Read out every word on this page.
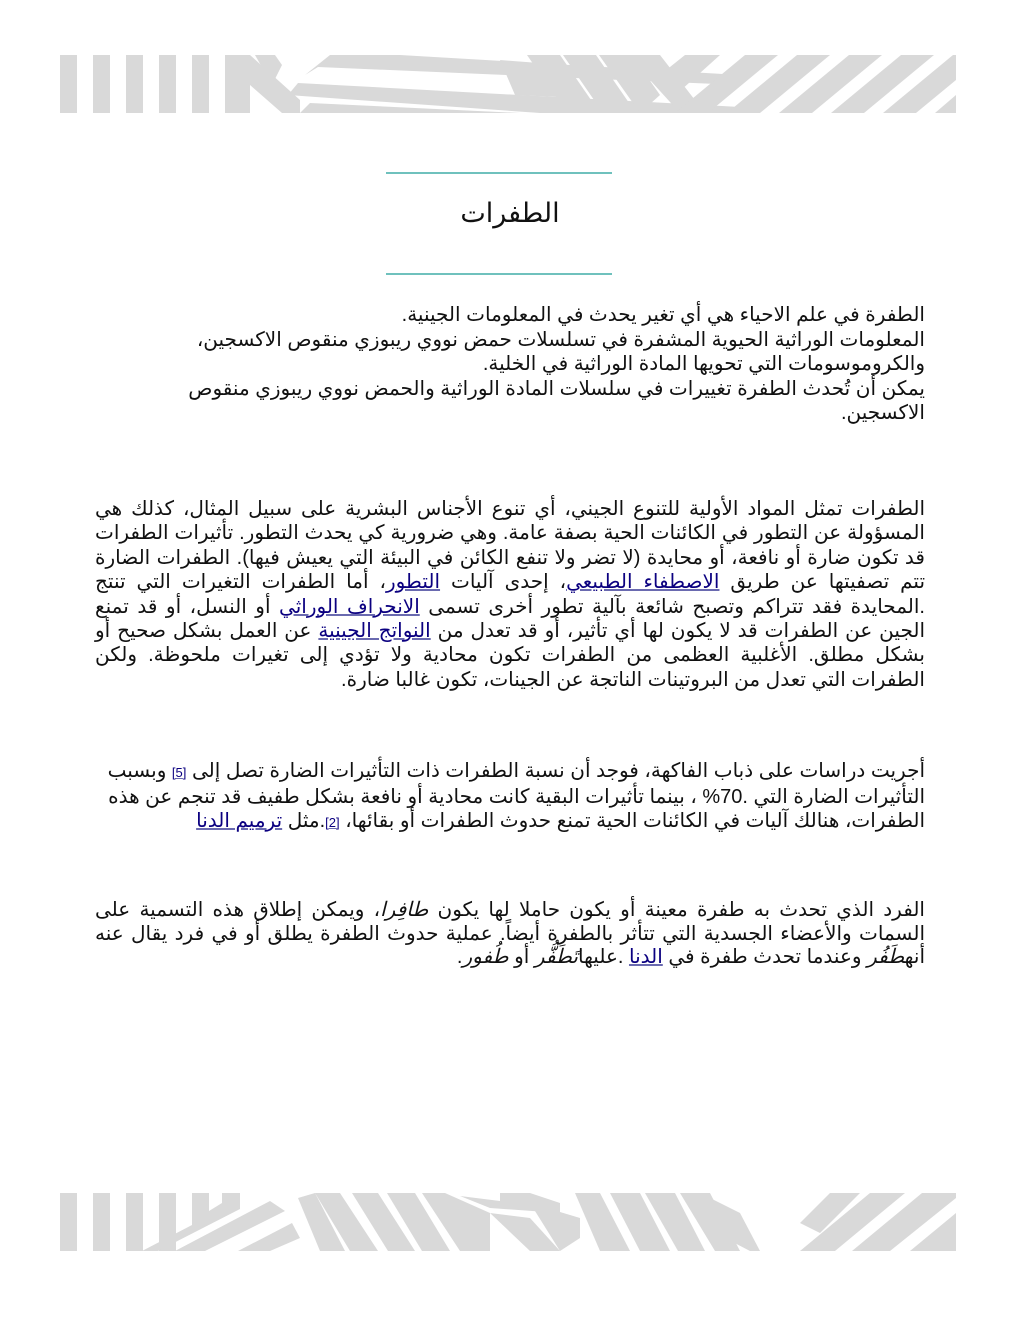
الطفرات

الطفرة في علم الاحياء هي أي تغير يحدث في المعلومات الجينية.

المعلومات الوراثية الحيوية المشفرة في تسلسلات حمض نووي ريبوزي منقوص الاكسجين،

والكروموسومات التي تحويها المادة الوراثية في الخلية.

يمكن أن تُحدث الطفرة تغييرات في سلسلات المادة الوراثية والحمض نووي ريبوزي منقوص الاكسجين.

الطفرات تمثل المواد الأولية للتنوع الجيني، أي تنوع الأجناس البشرية على سبيل المثال، كذلك هي المسؤولة عن التطور في الكائنات الحية بصفة عامة. وهي ضرورية كي يحدث التطور. تأثيرات الطفرات قد تكون ضارة أو نافعة، أو محايدة (لا تضر ولا تنفع الكائن في البيئة التي يعيش فيها). الطفرات الضارة تتم تصفيتها عن طريق الاصطفاء الطبيعي، إحدى آليات التطور، أما الطفرات التغيرات التي تنتج .المحايدة فقد تتراكم وتصبح شائعة بآلية تطور أخرى تسمى الانحراف الوراثي أو النسل، أو قد تمنع الجين عن الطفرات قد لا يكون لها أي تأثير، أو قد تعدل من النواتج الجينية عن العمل بشكل صحيح أو بشكل مطلق. الأغلبية العظمى من الطفرات تكون محادية ولا تؤدي إلى تغيرات ملحوظة. ولكن الطفرات التي تعدل من البروتينات الناتجة عن الجينات، تكون غالبا ضارة.

أجريت دراسات على ذباب الفاكهة، فوجد أن نسبة الطفرات ذات التأثيرات الضارة تصل إلى [5] وبسبب التأثيرات الضارة التي .70% ، بينما تأثيرات البقية كانت محادية أو نافعة بشكل طفيف قد تنجم عن هذه الطفرات، هنالك آليات في الكائنات الحية تمنع حدوث الطفرات أو بقائها، [2].مثل ترميم الدنا

الفرد الذي تحدث به طفرة معينة أو يكون حاملا لها يكون طافِرا، ويمكن إطلاق هذه التسمية على السمات والأعضاء الجسدية التي تتأثر بالطفرة أيضاً. عملية حدوث الطفرة يطلق أو في فرد يقال عنه أنهطَفُر وعندما تحدث طفرة في الدنا .عليهاتَطَفُّر أو طُفور.
